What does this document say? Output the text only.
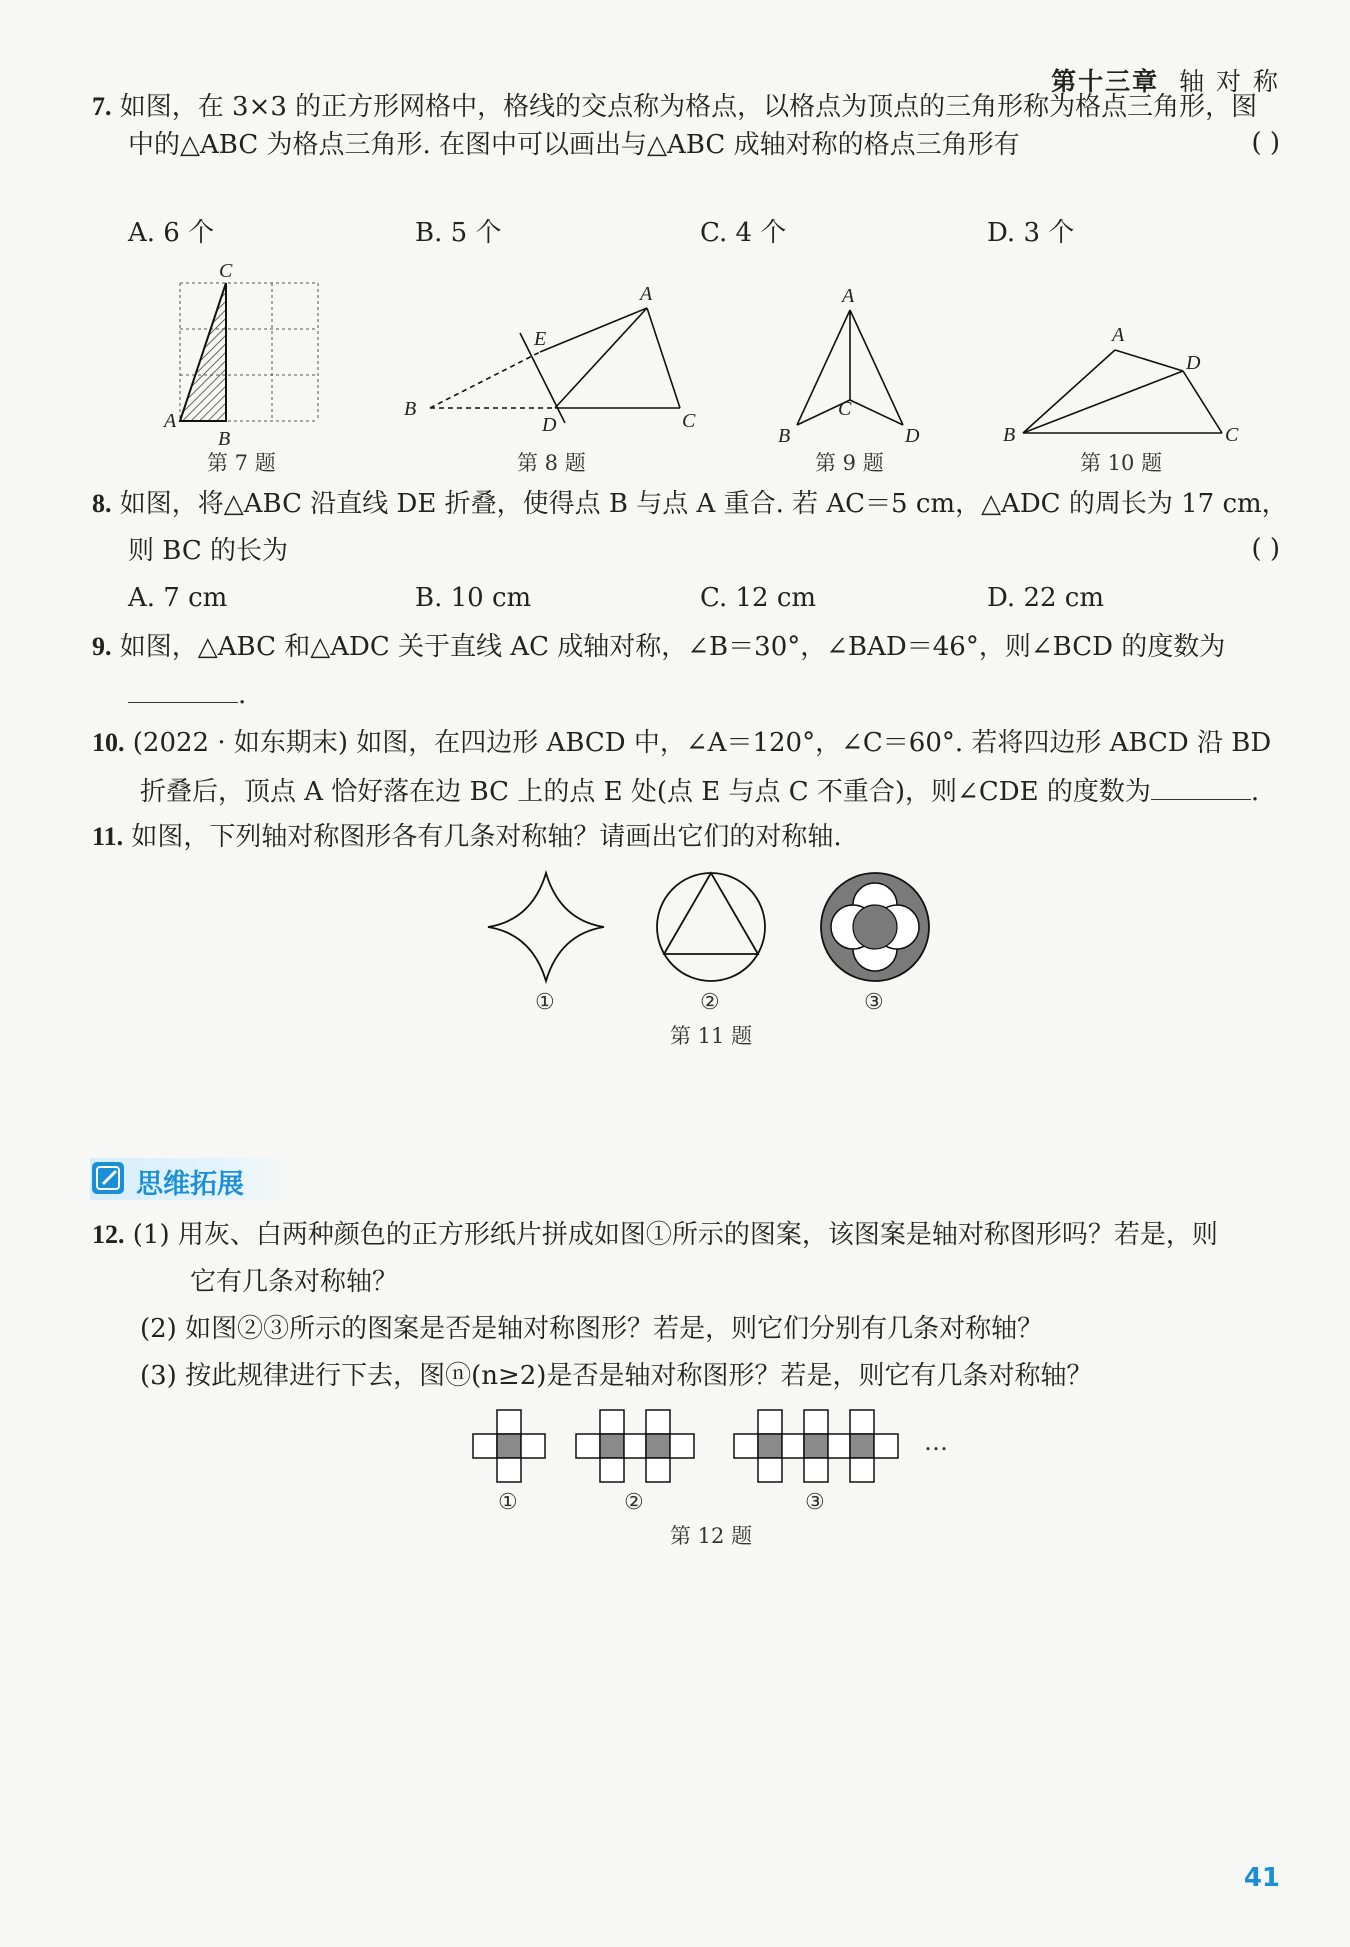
第十三章 轴 对 称
7. 如图，在 3×3 的正方形网格中，格线的交点称为格点，以格点为顶点的三角形称为格点三角形，图
中的△ABC 为格点三角形. 在图中可以画出与△ABC 成轴对称的格点三角形有	( )
A. 6 个	B. 5 个	C. 4 个	D. 3 个
C
A
B
A
E
B
D	C
A
C
B	D
A
D
B	C
第 7 题	第 8 题	第 9 题	第 10 题
8. 如图，将△ABC 沿直线 DE 折叠，使得点 B 与点 A 重合. 若 AC＝5 cm，△ADC 的周长为 17 cm，
则 BC 的长为	( )
A. 7 cm	B. 10 cm	C. 12 cm	D. 22 cm
9. 如图，△ABC 和△ADC 关于直线 AC 成轴对称，∠B＝30°，∠BAD＝46°，则∠BCD 的度数为
.
10. (2022 · 如东期末) 如图，在四边形 ABCD 中，∠A＝120°，∠C＝60°. 若将四边形 ABCD 沿 BD
折叠后，顶点 A 恰好落在边 BC 上的点 E 处(点 E 与点 C 不重合)，则∠CDE 的度数为	.
11. 如图，下列轴对称图形各有几条对称轴？请画出它们的对称轴.
①	②	③
第 11 题
思维拓展
12. (1) 用灰、白两种颜色的正方形纸片拼成如图①所示的图案，该图案是轴对称图形吗？若是，则
它有几条对称轴？
(2) 如图②③所示的图案是否是轴对称图形？若是，则它们分别有几条对称轴？
(3) 按此规律进行下去，图ⓝ(n≥2)是否是轴对称图形？若是，则它有几条对称轴？
…
①	②	③
第 12 题
41
